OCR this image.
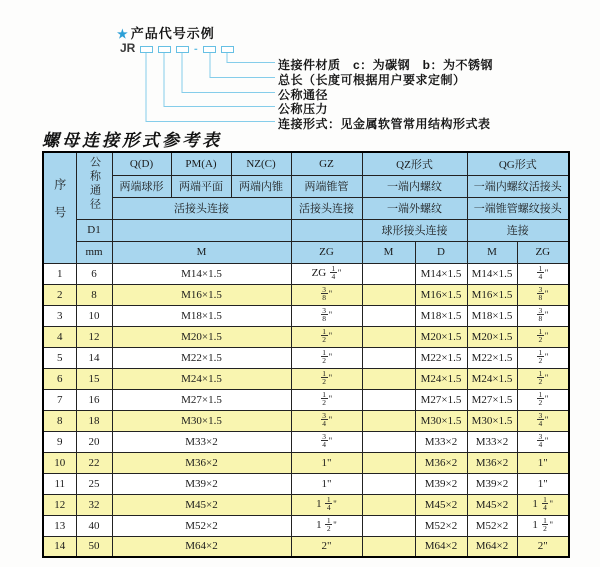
★ 产品代号示例
JR	-
连接件材质　c：为碳钢　b：为不锈钢
总长（长度可根据用户要求定制）
公称通径
公称压力
连接形式：见金属软管常用结构形式表
螺母连接形式参考表
序号	公称通径	Q(D)	PM(A)	NZ(C)	GZ	QZ形式		QG形式	
		两端球形	两端平面	两端内锥	两端锥管	一端内螺纹		一端内螺纹活接头	
		活接头连接			活接头连接	一端外螺纹		一端锥管螺纹接头	
	D1					球形接头连接		连接	
	mm	M			ZG	M	D	M	ZG
1	6	M14×1.5			ZG $\frac{1}{4}$ "		M14×1.5	M14×1.5	$\frac{1}{4}$ "
2	8	M16×1.5			$\frac{3}{8}$ "		M16×1.5	M16×1.5	$\frac{3}{8}$ "
3	10	M18×1.5			$\frac{3}{8}$ "		M18×1.5	M18×1.5	$\frac{3}{8}$ "
4	12	M20×1.5			$\frac{1}{2}$ "		M20×1.5	M20×1.5	$\frac{1}{2}$ "
5	14	M22×1.5			$\frac{1}{2}$ "		M22×1.5	M22×1.5	$\frac{1}{2}$ "
6	15	M24×1.5			$\frac{1}{2}$ "		M24×1.5	M24×1.5	$\frac{1}{2}$ "
7	16	M27×1.5			$\frac{1}{2}$ "		M27×1.5	M27×1.5	$\frac{1}{2}$ "
8	18	M30×1.5			$\frac{3}{4}$ "		M30×1.5	M30×1.5	$\frac{3}{4}$ "
9	20	M33×2			$\frac{3}{4}$ "		M33×2	M33×2	$\frac{3}{4}$ "
10	22	M36×2			1"		M36×2	M36×2	1"
11	25	M39×2			1"		M39×2	M39×2	1"
12	32	M45×2			$1 \frac{1}{4}$ "		M45×2	M45×2	$1 \frac{1}{4}$ "
13	40	M52×2			$1 \frac{1}{2}$ "		M52×2	M52×2	$1 \frac{1}{2}$ "
14	50	M64×2			2"		M64×2	M64×2	2"
